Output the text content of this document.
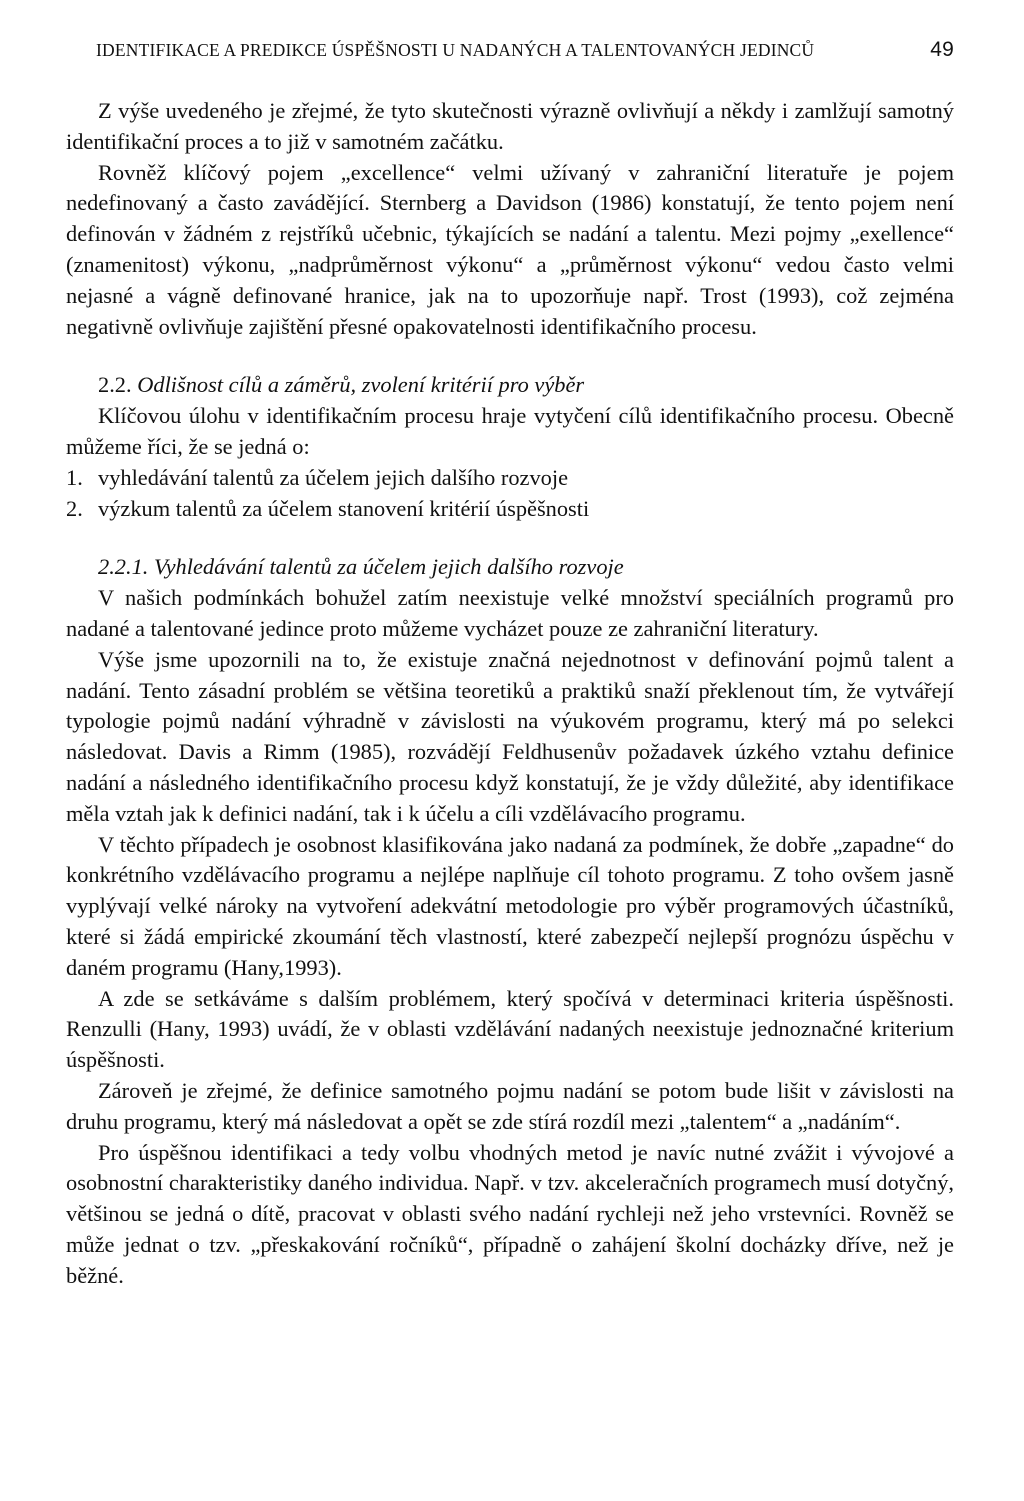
IDENTIFIKACE A PREDIKCE ÚSPĚŠNOSTI U NADANÝCH A TALENTOVANÝCH JEDINCŮ	49

Z výše uvedeného je zřejmé, že tyto skutečnosti výrazně ovlivňují a někdy i zamlžují samotný identifikační proces a to již v samotném začátku.

Rovněž klíčový pojem „excellence“ velmi užívaný v zahraniční literatuře je pojem nedefinovaný a často zavádějící. Sternberg a Davidson (1986) konstatují, že tento pojem není definován v žádném z rejstříků učebnic, týkajících se nadání a talentu. Mezi pojmy „exellence“ (znamenitost) výkonu, „nadprůměrnost výkonu“ a „průměrnost výkonu“ vedou často velmi nejasné a vágně definované hranice, jak na to upozorňuje např. Trost (1993), což zejména negativně ovlivňuje zajištění přesné opakovatelnosti identifikačního procesu.

2.2. Odlišnost cílů a záměrů, zvolení kritérií pro výběr

Klíčovou úlohu v identifikačním procesu hraje vytyčení cílů identifikačního procesu. Obecně můžeme říci, že se jedná o:

1. vyhledávání talentů za účelem jejich dalšího rozvoje
2. výzkum talentů za účelem stanovení kritérií úspěšnosti
2.2.1. Vyhledávání talentů za účelem jejich dalšího rozvoje

V našich podmínkách bohužel zatím neexistuje velké množství speciálních programů pro nadané a talentované jedince proto můžeme vycházet pouze ze zahraniční literatury.

Výše jsme upozornili na to, že existuje značná nejednotnost v definování pojmů talent a nadání. Tento zásadní problém se většina teoretiků a praktiků snaží překlenout tím, že vytvářejí typologie pojmů nadání výhradně v závislosti na výukovém programu, který má po selekci následovat. Davis a Rimm (1985), rozvádějí Feldhusenův požadavek úzkého vztahu definice nadání a následného identifikačního procesu když konstatují, že je vždy důležité, aby identifikace měla vztah jak k definici nadání, tak i k účelu a cíli vzdělávacího programu.

V těchto případech je osobnost klasifikována jako nadaná za podmínek, že dobře „zapadne“ do konkrétního vzdělávacího programu a nejlépe naplňuje cíl tohoto programu. Z toho ovšem jasně vyplývají velké nároky na vytvoření adekvátní metodologie pro výběr programových účastníků, které si žádá empirické zkoumání těch vlastností, které zabezpečí nejlepší prognózu úspěchu v daném programu (Hany,1993).

A zde se setkáváme s dalším problémem, který spočívá v determinaci kriteria úspěšnosti. Renzulli (Hany, 1993) uvádí, že v oblasti vzdělávání nadaných neexistuje jednoznačné kriterium úspěšnosti.

Zároveň je zřejmé, že definice samotného pojmu nadání se potom bude lišit v závislosti na druhu programu, který má následovat a opět se zde stírá rozdíl mezi „talentem“ a „nadáním“.

Pro úspěšnou identifikaci a tedy volbu vhodných metod je navíc nutné zvážit i vývojové a osobnostní charakteristiky daného individua. Např. v tzv. akceleračních programech musí dotyčný, většinou se jedná o dítě, pracovat v oblasti svého nadání rychleji než jeho vrstevníci. Rovněž se může jednat o tzv. „přeskakování ročníků“, případně o zahájení školní docházky dříve, než je běžné.
